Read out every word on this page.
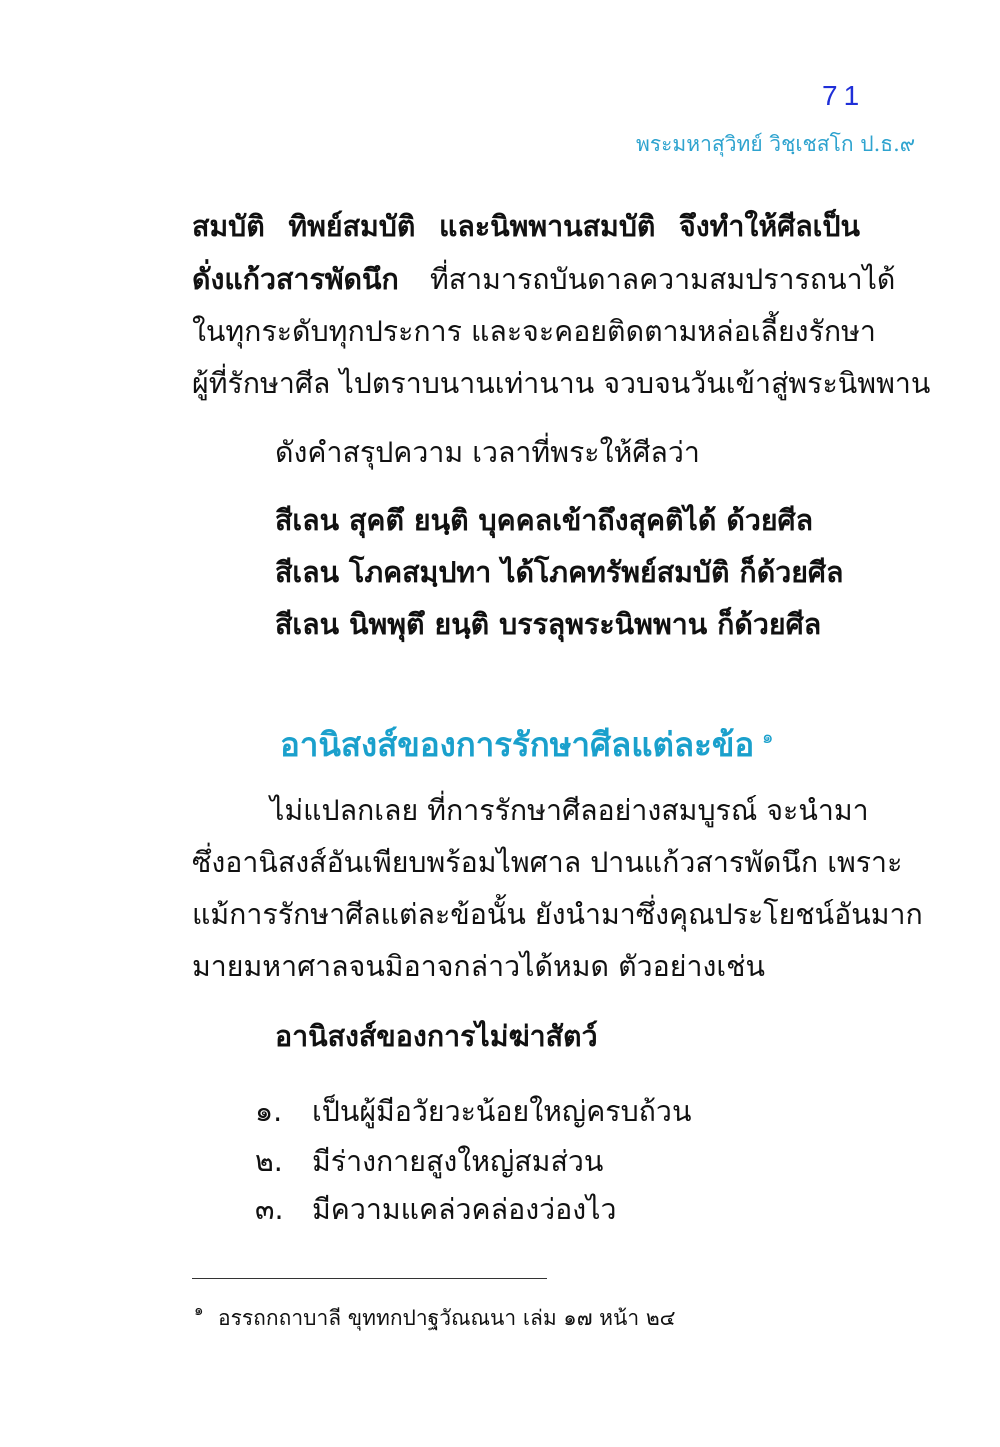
71
พระมหาสุวิทย์ วิชฺเชสโก ป.ธ.๙
สมบัติ ทิพย์สมบัติ และนิพพานสมบัติ จึงทำให้ศีลเป็น
ดั่งแก้วสารพัดนึก ที่สามารถบันดาลความสมปรารถนาได้
ในทุกระดับทุกประการ และจะคอยติดตามหล่อเลี้ยงรักษา
ผู้ที่รักษาศีล ไปตราบนานเท่านาน จวบจนวันเข้าสู่พระนิพพาน
ดังคำสรุปความ เวลาที่พระให้ศีลว่า
สีเลน สุคตึ ยนฺติ บุคคลเข้าถึงสุคติได้ ด้วยศีล
สีเลน โภคสมฺปทา ได้โภคทรัพย์สมบัติ ก็ด้วยศีล
สีเลน นิพพุตึ ยนฺติ บรรลุพระนิพพาน ก็ด้วยศีล
อานิสงส์ของการรักษาศีลแต่ละข้อ ๑
ไม่แปลกเลย ที่การรักษาศีลอย่างสมบูรณ์ จะนำมา
ซึ่งอานิสงส์อันเพียบพร้อมไพศาล ปานแก้วสารพัดนึก เพราะ
แม้การรักษาศีลแต่ละข้อนั้น ยังนำมาซึ่งคุณประโยชน์อันมาก
มายมหาศาลจนมิอาจกล่าวได้หมด ตัวอย่างเช่น
อานิสงส์ของการไม่ฆ่าสัตว์
๑. เป็นผู้มีอวัยวะน้อยใหญ่ครบถ้วน
๒. มีร่างกายสูงใหญ่สมส่วน
๓. มีความแคล่วคล่องว่องไว
๑ อรรถกถาบาลี ขุททกปาฐวัณณนา เล่ม ๑๗ หน้า ๒๔
